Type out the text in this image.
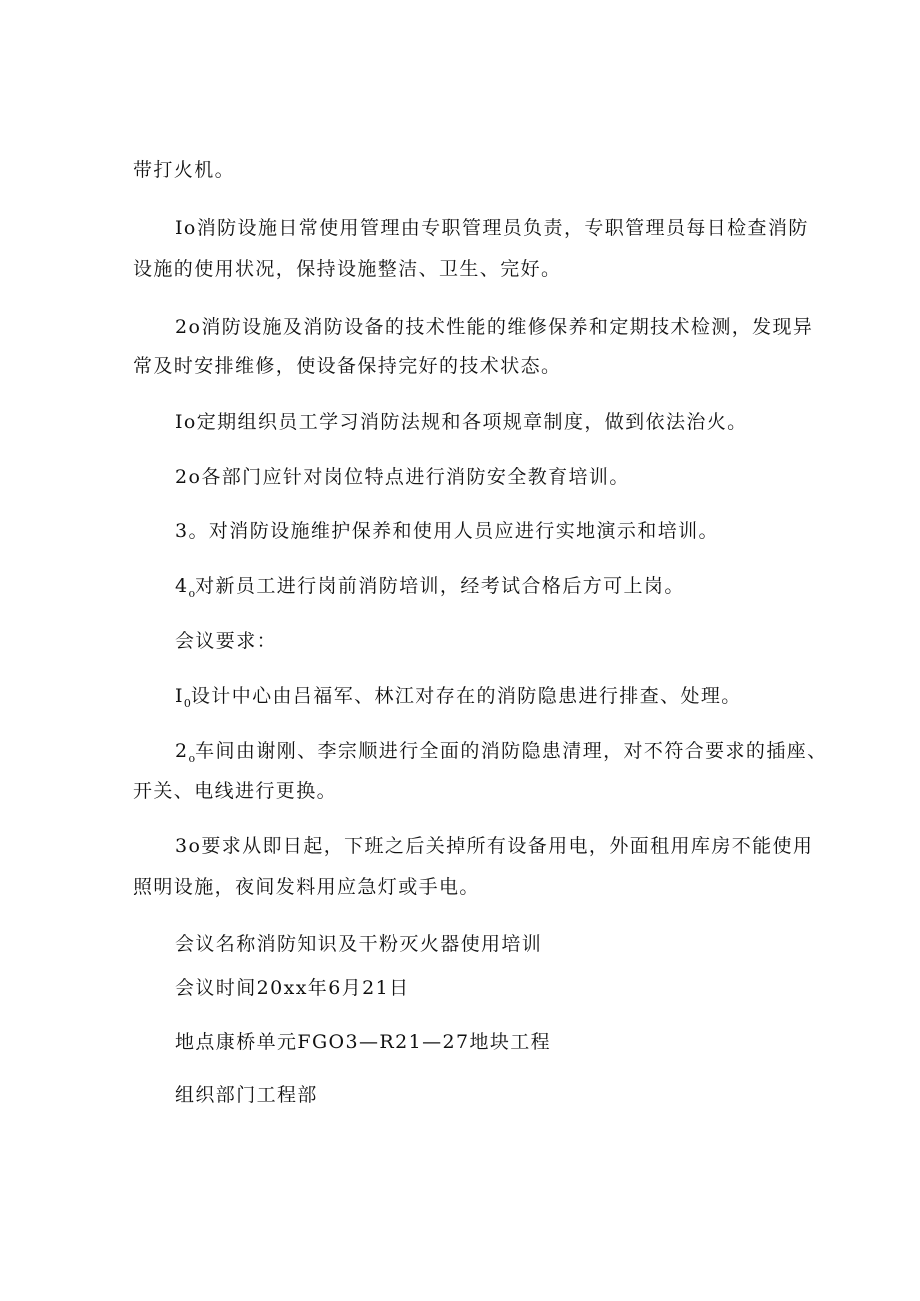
带打火机。
Io消防设施日常使用管理由专职管理员负责，专职管理员每日检查消防
设施的使用状况，保持设施整洁、卫生、完好。
2o消防设施及消防设备的技术性能的维修保养和定期技术检测，发现异
常及时安排维修，使设备保持完好的技术状态。
Io定期组织员工学习消防法规和各项规章制度，做到依法治火。
2o各部门应针对岗位特点进行消防安全教育培训。
3。对消防设施维护保养和使用人员应进行实地演示和培训。
$4_o$对新员工进行岗前消防培训，经考试合格后方可上岗。
会议要求：
$I_0$设计中心由吕福军、林江对存在的消防隐患进行排查、处理。
$2_o$车间由谢刚、李宗顺进行全面的消防隐患清理，对不符合要求的插座、
开关、电线进行更换。
3o要求从即日起，下班之后关掉所有设备用电，外面租用库房不能使用
照明设施，夜间发料用应急灯或手电。
会议名称消防知识及干粉灭火器使用培训
会议时间20xx年6月21日
地点康桥单元FGO3—R21—27地块工程
组织部门工程部
